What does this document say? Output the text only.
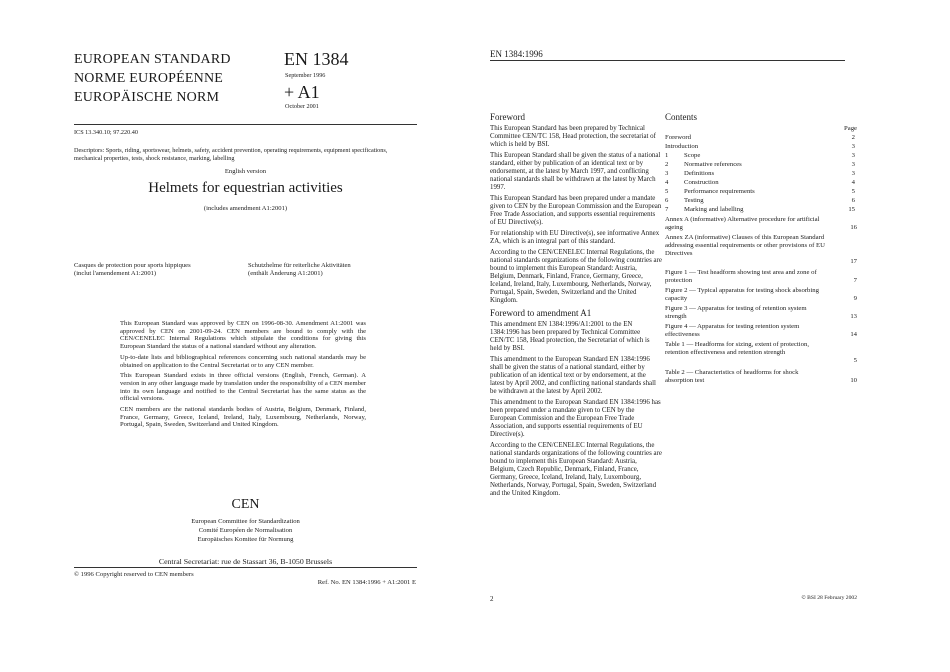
EUROPEAN STANDARD
NORME EUROPÉENNE
EUROPÄISCHE NORM
EN 1384
September 1996
+ A1
October 2001
ICS 13.340.10; 97.220.40
Descriptors: Sports, riding, sportswear, helmets, safety, accident prevention, operating requirements, equipment specifications, mechanical properties, tests, shock resistance, marking, labelling
English version
Helmets for equestrian activities
(includes amendment A1:2001)
Casques de protection pour sports hippiques
(inclut l'amendement A1:2001)
Schutzhelme für reiterliche Aktivitäten
(enthält Änderung A1:2001)
This European Standard was approved by CEN on 1996-08-30. Amendment A1:2001 was approved by CEN on 2001-09-24. CEN members are bound to comply with the CEN/CENELEC Internal Regulations which stipulate the conditions for giving this European Standard the status of a national standard without any alteration.
Up-to-date lists and bibliographical references concerning such national standards may be obtained on application to the Central Secretariat or to any CEN member.
This European Standard exists in three official versions (English, French, German). A version in any other language made by translation under the responsibility of a CEN member into its own language and notified to the Central Secretariat has the same status as the official versions.
CEN members are the national standards bodies of Austria, Belgium, Denmark, Finland, France, Germany, Greece, Iceland, Ireland, Italy, Luxembourg, Netherlands, Norway, Portugal, Spain, Sweden, Switzerland and United Kingdom.
CEN
European Committee for Standardization
Comité Européen de Normalisation
Europäisches Komitee für Normung
Central Secretariat: rue de Stassart 36, B-1050 Brussels
© 1996 Copyright reserved to CEN members
Ref. No. EN 1384:1996 + A1:2001 E
EN 1384:1996
Foreword

This European Standard has been prepared by Technical Committee CEN/TC 158, Head protection, the secretariat of which is held by BSI.

This European Standard shall be given the status of a national standard, either by publication of an identical text or by endorsement, at the latest by March 1997, and conflicting national standards shall be withdrawn at the latest by March 1997.

This European Standard has been prepared under a mandate given to CEN by the European Commission and the European Free Trade Association, and supports essential requirements of EU Directive(s).

For relationship with EU Directive(s), see informative Annex ZA, which is an integral part of this standard.

According to the CEN/CENELEC Internal Regulations, the national standards organizations of the following countries are bound to implement this European Standard: Austria, Belgium, Denmark, Finland, France, Germany, Greece, Iceland, Ireland, Italy, Luxembourg, Netherlands, Norway, Portugal, Spain, Sweden, Switzerland and the United Kingdom.

Foreword to amendment A1

This amendment EN 1384:1996/A1:2001 to the EN 1384:1996 has been prepared by Technical Committee CEN/TC 158, Head protection, the Secretariat of which is held by BSI.

This amendment to the European Standard EN 1384:1996 shall be given the status of a national standard, either by publication of an identical text or by endorsement, at the latest by April 2002, and conflicting national standards shall be withdrawn at the latest by April 2002.

This amendment to the European Standard EN 1384:1996 has been prepared under a mandate given to CEN by the European Commission and the European Free Trade Association, and supports essential requirements of EU Directive(s).

According to the CEN/CENELEC Internal Regulations, the national standards organizations of the following countries are bound to implement this European Standard: Austria, Belgium, Czech Republic, Denmark, Finland, France, Germany, Greece, Iceland, Ireland, Italy, Luxembourg, Netherlands, Norway, Portugal, Spain, Sweden, Switzerland and the United Kingdom.

Contents
Page
Foreword	2
Introduction	3
1 Scope	3
2 Normative references	3
3 Definitions	3
4 Construction	4
5 Performance requirements	5
6 Testing	6
7 Marking and labelling	15
Annex A (informative) Alternative procedure for artificial ageing	16
Annex ZA (informative) Clauses of this European Standard addressing essential requirements or other provisions of EU Directives
17
Figure 1 — Test headform showing test area and zone of protection	7
Figure 2 — Typical apparatus for testing shock absorbing capacity	9
Figure 3 — Apparatus for testing of retention system strength	13
Figure 4 — Apparatus for testing retention system effectiveness	14
Table 1 — Headforms for sizing, extent of protection, retention effectiveness and retention strength
5
Table 2 — Characteristics of headforms for shock absorption test	10
2	© BSI 28 February 2002
